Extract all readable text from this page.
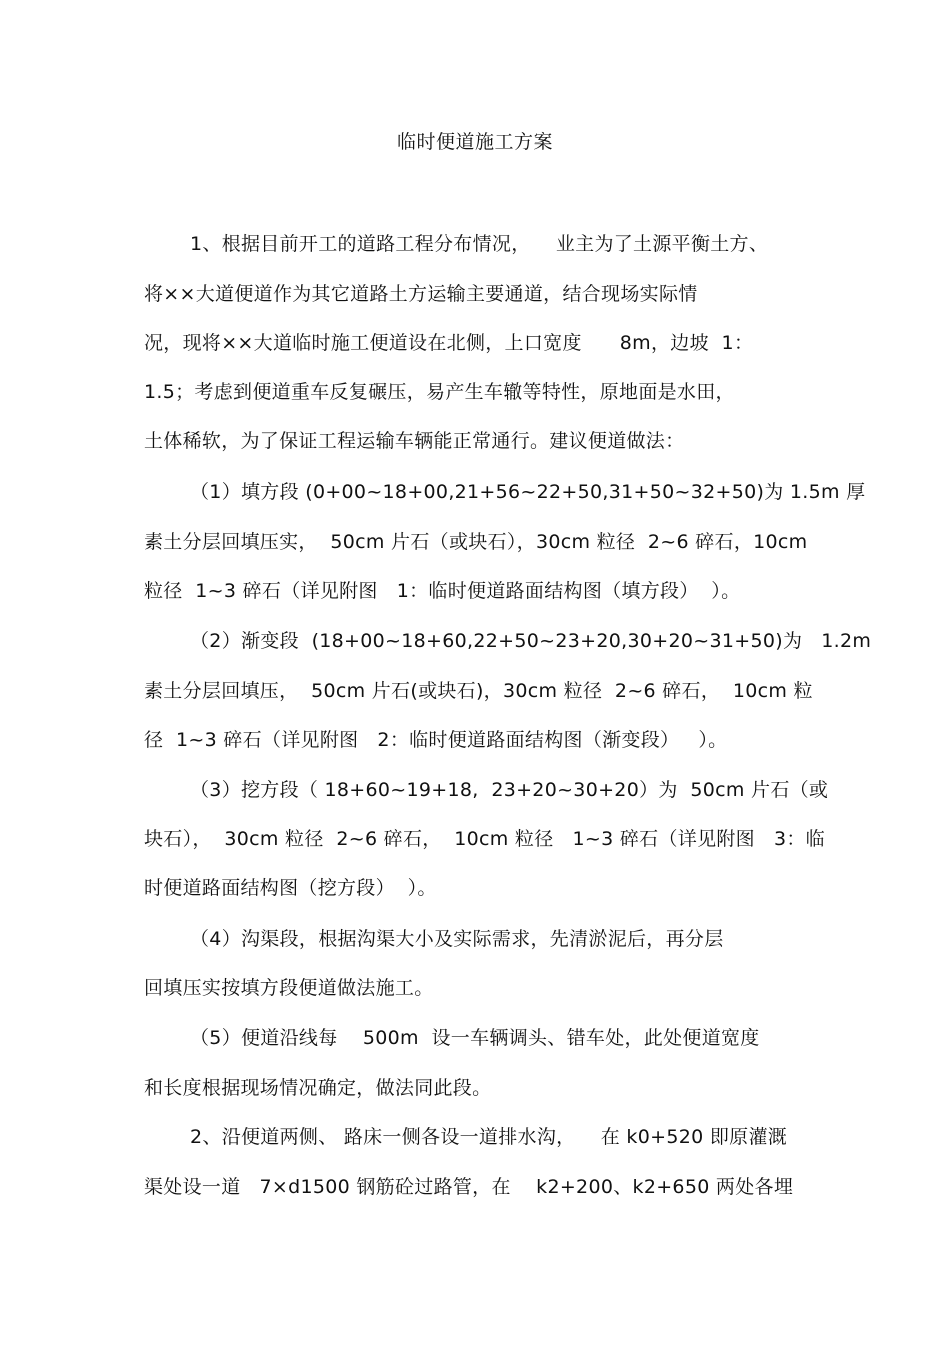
临时便道施工方案
1、根据目前开工的道路工程分布情况，    业主为了土源平衡土方、
将××大道便道作为其它道路土方运输主要通道，结合现场实际情
况，现将××大道临时施工便道设在北侧，上口宽度      8m，边坡  1：
1.5；考虑到便道重车反复碾压，易产生车辙等特性，原地面是水田，
土体稀软，为了保证工程运输车辆能正常通行。建议便道做法：
（1）填方段 (0+00~18+00,21+56~22+50,31+50~32+50)为 1.5m 厚
素土分层回填压实，  50cm 片石（或块石），30cm 粒径  2~6 碎石，10cm
粒径  1~3 碎石（详见附图   1：临时便道路面结构图（填方段）  ）。
（2）渐变段  (18+00~18+60,22+50~23+20,30+20~31+50)为   1.2m
素土分层回填压，  50cm 片石(或块石)，30cm 粒径  2~6 碎石，  10cm 粒
径  1~3 碎石（详见附图   2：临时便道路面结构图（渐变段）   ）。
（3）挖方段（ 18+60~19+18,  23+20~30+20）为  50cm 片石（或
块石），  30cm 粒径  2~6 碎石，  10cm 粒径   1~3 碎石（详见附图   3：临
时便道路面结构图（挖方段）  ）。
（4）沟渠段，根据沟渠大小及实际需求，先清淤泥后，再分层
回填压实按填方段便道做法施工。
（5）便道沿线每    500m  设一车辆调头、错车处，此处便道宽度
和长度根据现场情况确定，做法同此段。
2、沿便道两侧、 路床一侧各设一道排水沟，    在 k0+520 即原灌溉
渠处设一道   7×d1500 钢筋砼过路管，在    k2+200、k2+650 两处各埋
